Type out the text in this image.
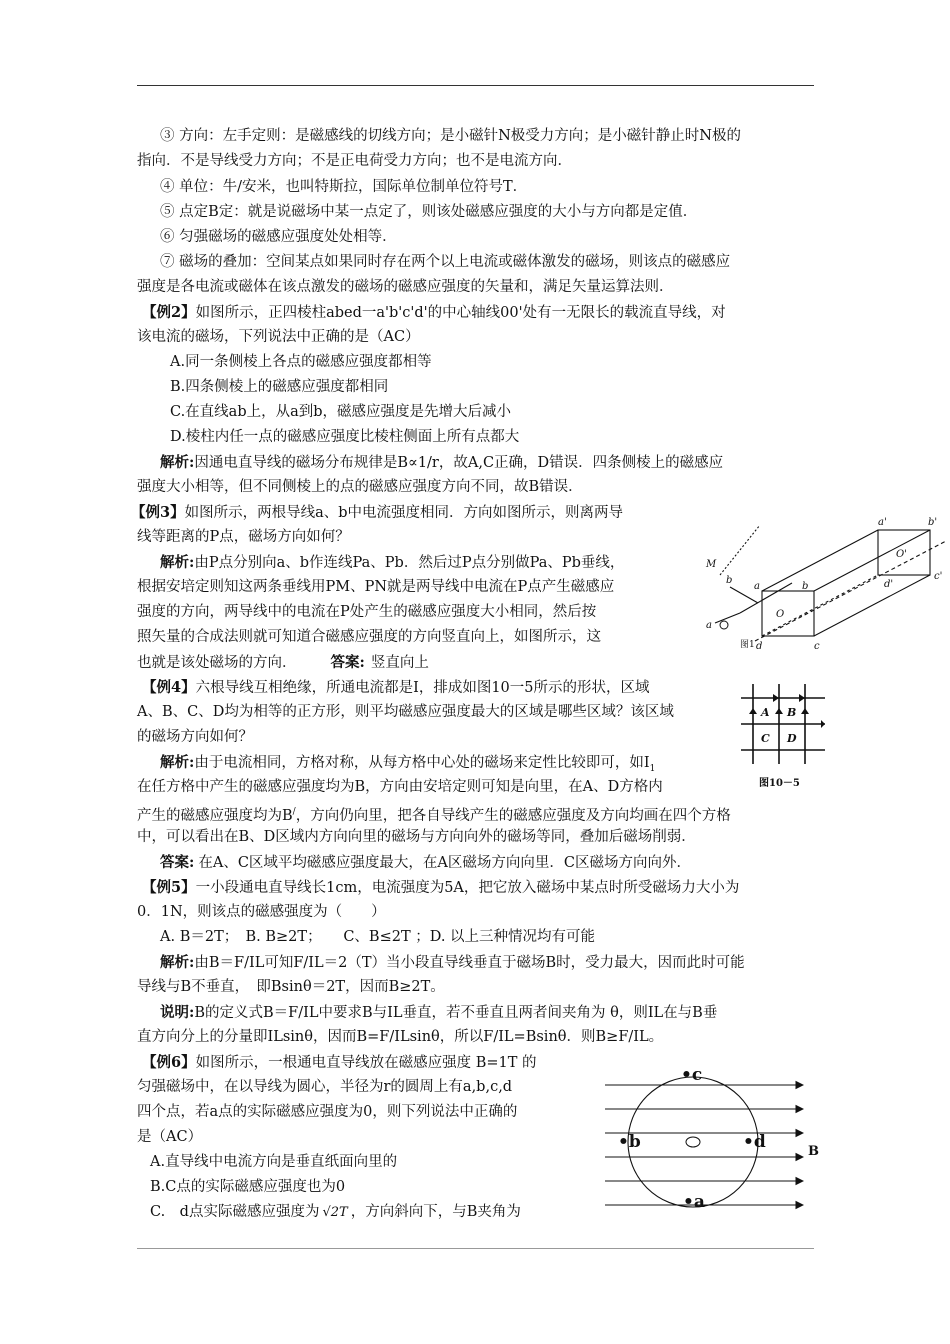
③ 方向：左手定则：是磁感线的切线方向；是小磁针N极受力方向；是小磁针静止时N极的
指向．不是导线受力方向；不是正电荷受力方向；也不是电流方向．
④ 单位：牛/安米，也叫特斯拉，国际单位制单位符号T．
⑤ 点定B定：就是说磁场中某一点定了，则该处磁感应强度的大小与方向都是定值．
⑥ 匀强磁场的磁感应强度处处相等．
⑦ 磁场的叠加：空间某点如果同时存在两个以上电流或磁体激发的磁场，则该点的磁感应
强度是各电流或磁体在该点激发的磁场的磁感应强度的矢量和，满足矢量运算法则．
【例2】如图所示，正四棱柱abed一a'b'c'd'的中心轴线00'处有一无限长的载流直导线，对
该电流的磁场，下列说法中正确的是（AC）
A.同一条侧棱上各点的磁感应强度都相等
B.四条侧棱上的磁感应强度都相同
C.在直线ab上，从a到b，磁感应强度是先增大后减小
D.棱柱内任一点的磁感应强度比棱柱侧面上所有点都大
解析:因通电直导线的磁场分布规律是B∝1/r，故A,C正确，D错误．四条侧棱上的磁感应
强度大小相等，但不同侧棱上的点的磁感应强度方向不同，故B错误．
【例3】如图所示，两根导线a、b中电流强度相同．方向如图所示，则离两导
线等距离的P点，磁场方向如何？
解析:由P点分别向a、b作连线Pa、Pb．然后过P点分别做Pa、Pb垂线，
根据安培定则知这两条垂线用PM、PN就是两导线中电流在P点产生磁感应
强度的方向，两导线中的电流在P处产生的磁感应强度大小相同，然后按
照矢量的合成法则就可知道合磁感应强度的方向竖直向上，如图所示，这
也就是该处磁场的方向． 答案: 竖直向上
a'	b'
c'
O'
d'
b
O
a
d	c
M
a
b
图1
【例4】六根导线互相绝缘，所通电流都是I，排成如图10一5所示的形状，区域
A、B、C、D均为相等的正方形，则平均磁感应强度最大的区域是哪些区域？该区域
的磁场方向如何？
解析:由于电流相同，方格对称，从每方格中心处的磁场来定性比较即可，如$I_1$
在任方格中产生的磁感应强度均为B，方向由安培定则可知是向里，在A、D方格内
产生的磁感应强度均为B/，方向仍向里，把各自导线产生的磁感应强度及方向均画在四个方格
中，可以看出在B、D区域内方向向里的磁场与方向向外的磁场等同，叠加后磁场削弱．
答案: 在A、C区域平均磁感应强度最大，在A区磁场方向向里．C区磁场方向向外．
A B
C D
图10－5
【例5】一小段通电直导线长1cm，电流强度为5A，把它放入磁场中某点时所受磁场力大小为
0．1N，则该点的磁感强度为（　　）
A. B＝2T；　B. B≥2T；　　C、B≤2T ；D. 以上三种情况均有可能
解析:由B＝F/IL可知F/IL＝2（T）当小段直导线垂直于磁场B时，受力最大，因而此时可能
导线与B不垂直，　即Bsinθ＝2T，因而B≥2T。
说明:B的定义式B＝F/IL中要求B与IL垂直，若不垂直且两者间夹角为 θ，则IL在与B垂
直方向分上的分量即ILsinθ，因而B=F/ILsinθ，所以F/IL=Bsinθ．则B≥F/IL。
【例6】如图所示，一根通电直导线放在磁感应强度 B=1T 的
匀强磁场中，在以导线为圆心，半径为r的圆周上有a,b,c,d
四个点，若a点的实际磁感应强度为0，则下列说法中正确的
是（AC）
A.直导线中电流方向是垂直纸面向里的
B.C点的实际磁感应强度也为0
C.　d点实际磁感应强度为 √2T ，方向斜向下，与B夹角为
•c
•b	•d
•a
B
